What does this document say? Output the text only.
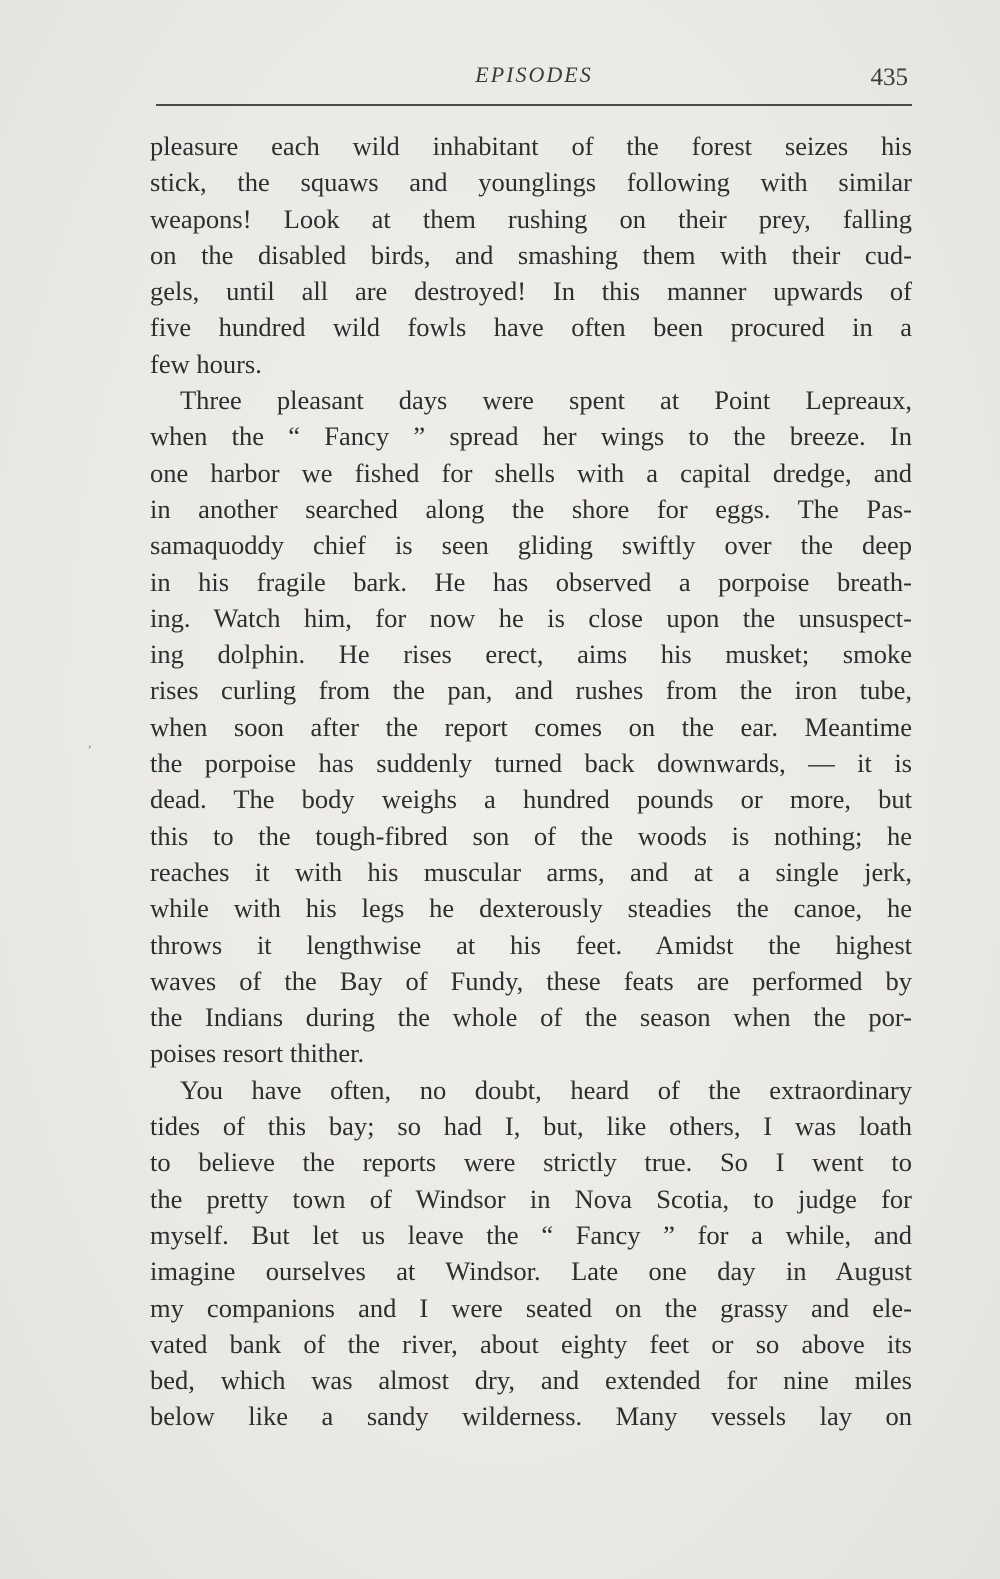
EPISODES	435
,
pleasure each wild inhabitant of the forest seizes his
stick, the squaws and younglings following with similar
weapons! Look at them rushing on their prey, falling
on the disabled birds, and smashing them with their cud-
gels, until all are destroyed! In this manner upwards of
five hundred wild fowls have often been procured in a
few hours.
Three pleasant days were spent at Point Lepreaux,
when the “ Fancy ” spread her wings to the breeze. In
one harbor we fished for shells with a capital dredge, and
in another searched along the shore for eggs. The Pas-
samaquoddy chief is seen gliding swiftly over the deep
in his fragile bark. He has observed a porpoise breath-
ing. Watch him, for now he is close upon the unsuspect-
ing dolphin. He rises erect, aims his musket; smoke
rises curling from the pan, and rushes from the iron tube,
when soon after the report comes on the ear. Meantime
the porpoise has suddenly turned back downwards, — it is
dead. The body weighs a hundred pounds or more, but
this to the tough-fibred son of the woods is nothing; he
reaches it with his muscular arms, and at a single jerk,
while with his legs he dexterously steadies the canoe, he
throws it lengthwise at his feet. Amidst the highest
waves of the Bay of Fundy, these feats are performed by
the Indians during the whole of the season when the por-
poises resort thither.
You have often, no doubt, heard of the extraordinary
tides of this bay; so had I, but, like others, I was loath
to believe the reports were strictly true. So I went to
the pretty town of Windsor in Nova Scotia, to judge for
myself. But let us leave the “ Fancy ” for a while, and
imagine ourselves at Windsor. Late one day in August
my companions and I were seated on the grassy and ele-
vated bank of the river, about eighty feet or so above its
bed, which was almost dry, and extended for nine miles
below like a sandy wilderness. Many vessels lay on
